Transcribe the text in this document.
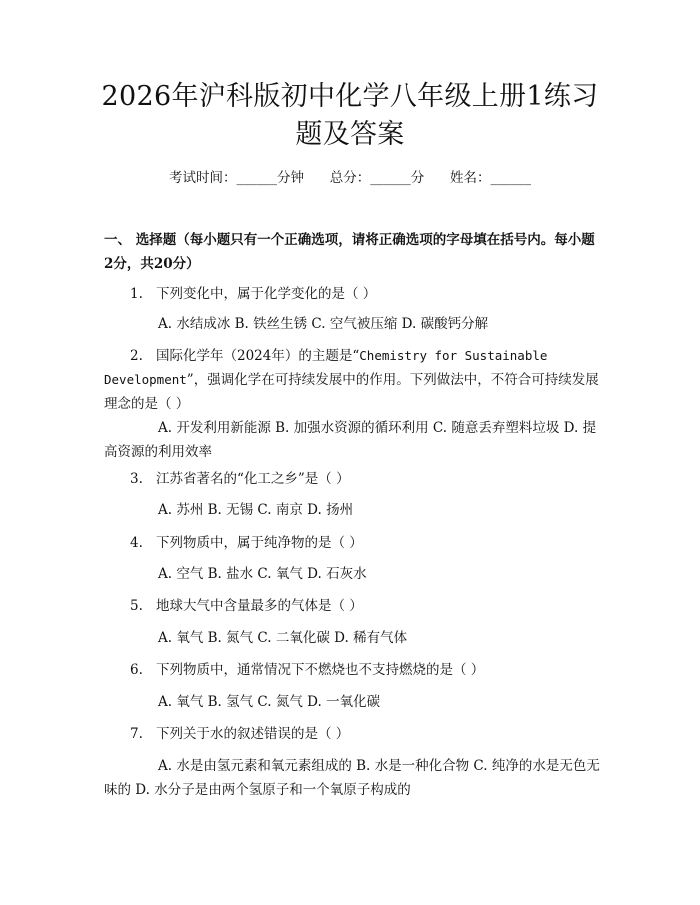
2026年沪科版初中化学八年级上册1练习题及答案
考试时间：______分钟      总分：______分      姓名：______
一、 选择题（每小题只有一个正确选项，请将正确选项的字母填在括号内。每小题2分，共20分）
1. 下列变化中，属于化学变化的是（ ）
A. 水结成冰 B. 铁丝生锈 C. 空气被压缩 D. 碳酸钙分解
2. 国际化学年（2024年）的主题是“Chemistry for Sustainable
Development”，强调化学在可持续发展中的作用。下列做法中，不符合可持续发展理念的是（ ）
A. 开发利用新能源 B. 加强水资源的循环利用 C. 随意丢弃塑料垃圾 D. 提高资源的利用效率
3. 江苏省著名的“化工之乡”是（ ）
A. 苏州 B. 无锡 C. 南京 D. 扬州
4. 下列物质中，属于纯净物的是（ ）
A. 空气 B. 盐水 C. 氧气 D. 石灰水
5. 地球大气中含量最多的气体是（ ）
A. 氧气 B. 氮气 C. 二氧化碳 D. 稀有气体
6. 下列物质中，通常情况下不燃烧也不支持燃烧的是（ ）
A. 氧气 B. 氢气 C. 氮气 D. 一氧化碳
7. 下列关于水的叙述错误的是（ ）
A. 水是由氢元素和氧元素组成的 B. 水是一种化合物 C. 纯净的水是无色无味的 D. 水分子是由两个氢原子和一个氧原子构成的
